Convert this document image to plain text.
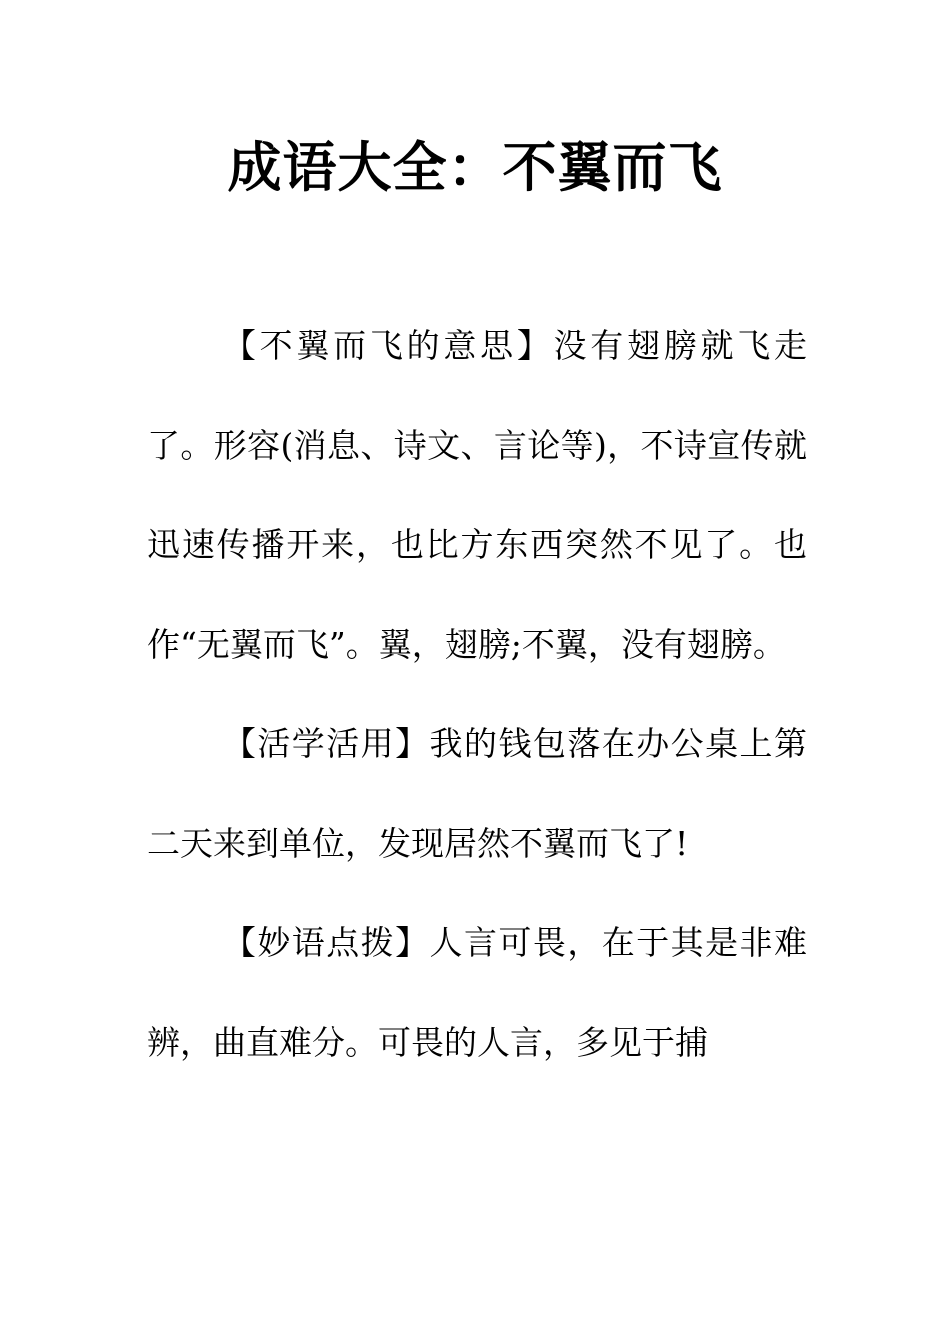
成语大全：不翼而飞

【不翼而飞的意思】没有翅膀就飞走了。形容(消息、诗文、言论等)，不诗宣传就迅速传播开来，也比方东西突然不见了。也作“无翼而飞”。翼，翅膀;不翼，没有翅膀。

【活学活用】我的钱包落在办公桌上第二天来到单位，发现居然不翼而飞了!

【妙语点拨】人言可畏，在于其是非难辨，曲直难分。可畏的人言，多见于捕
